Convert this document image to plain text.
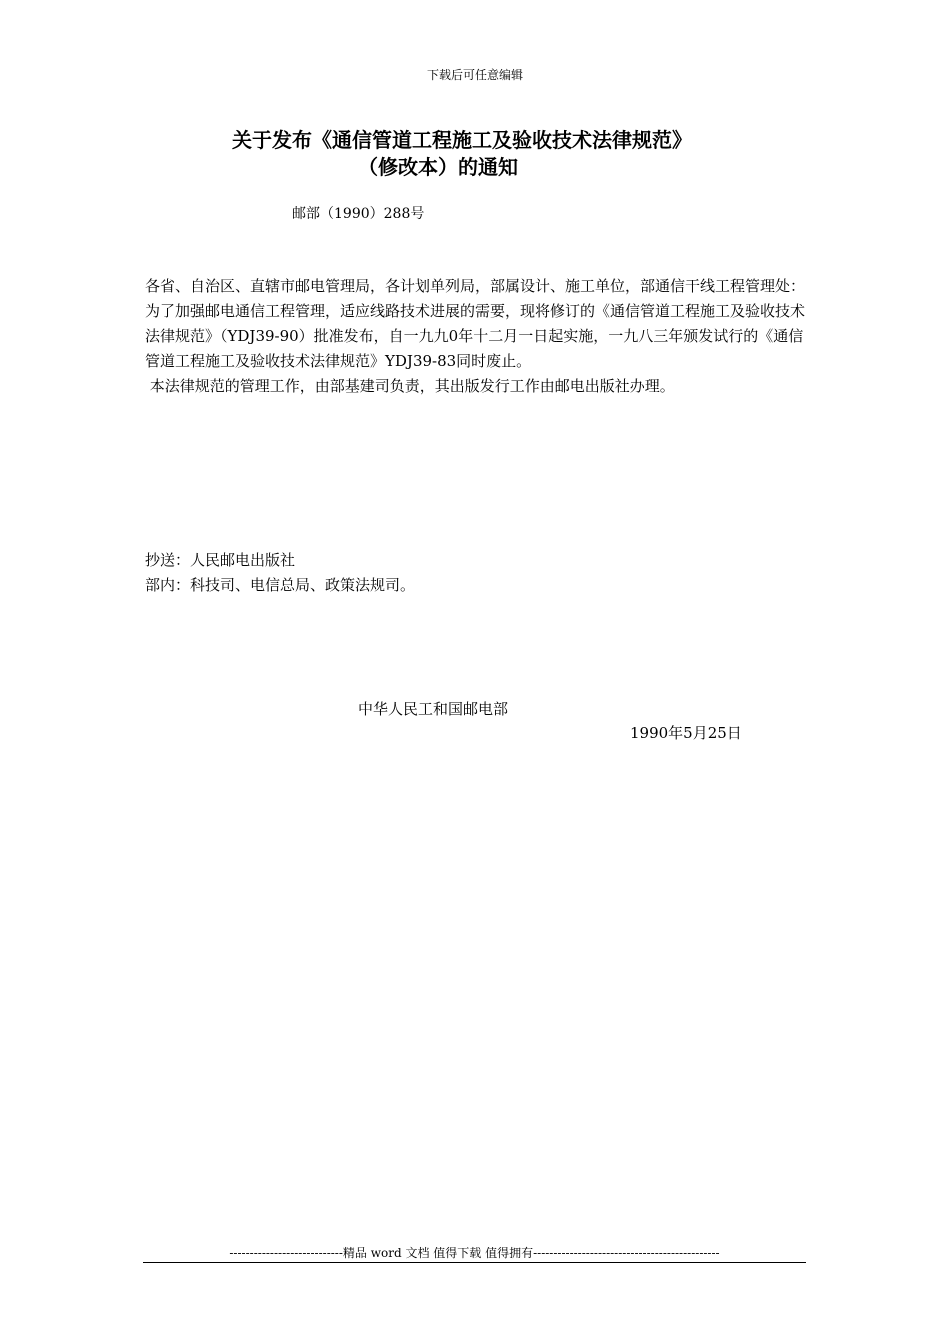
下载后可任意编辑
关于发布《通信管道工程施工及验收技术法律规范》
（修改本）的通知
邮部（1990）288号

各省、自治区、直辖市邮电管理局，各计划单列局，部属设计、施工单位，部通信干线工程管理处：

为了加强邮电通信工程管理，适应线路技术进展的需要，现将修订的《通信管道工程施工及验收技术法律规范》（YDJ39-90）批准发布，自一九九0年十二月一日起实施，一九八三年颁发试行的《通信管道工程施工及验收技术法律规范》YDJ39-83同时废止。

本法律规范的管理工作，由部基建司负责，其出版发行工作由邮电出版社办理。

抄送：人民邮电出版社

部内：科技司、电信总局、政策法规司。

中华人民工和国邮电部
1990年5月25日
----------------------------精品 word 文档 值得下载 值得拥有----------------------------------------------
